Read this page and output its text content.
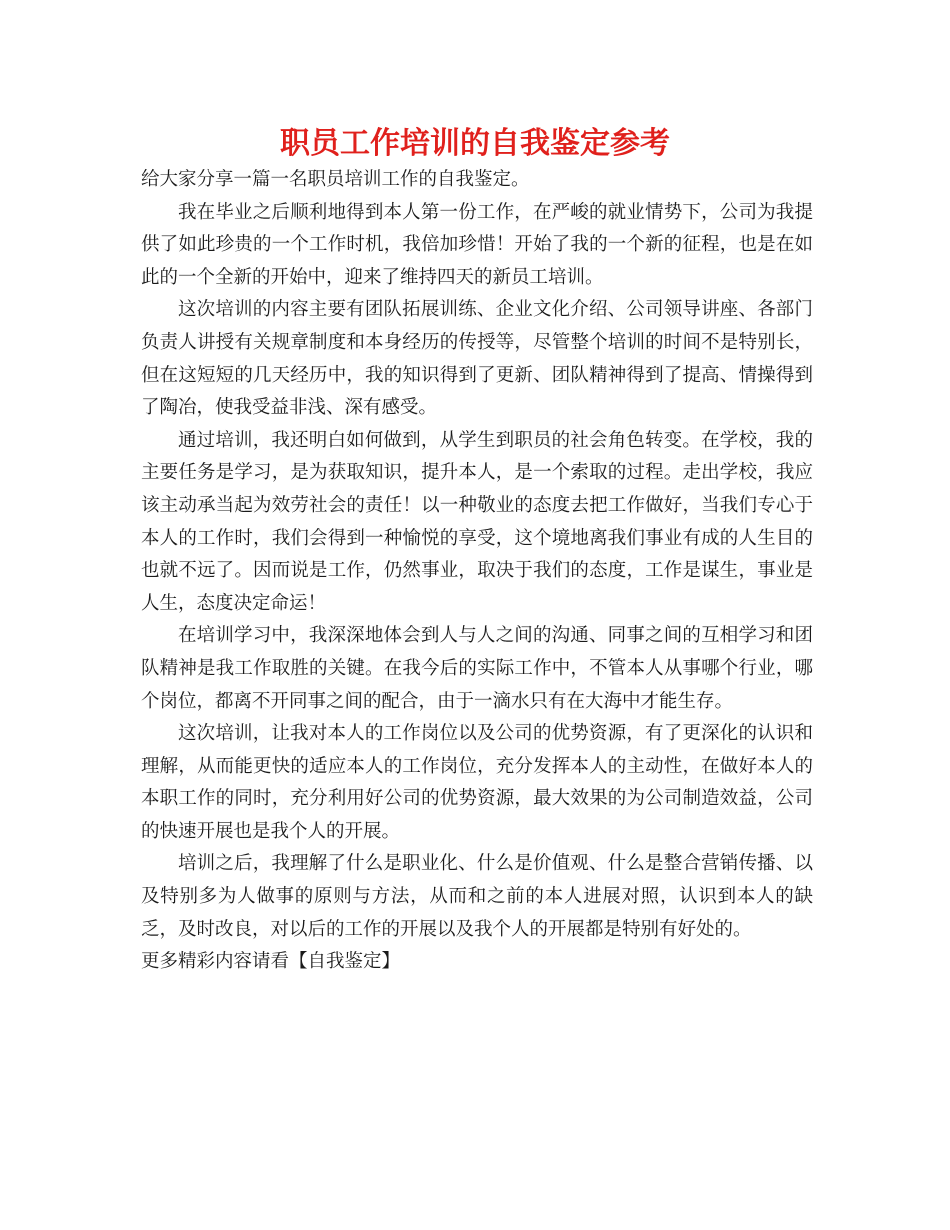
职员工作培训的自我鉴定参考

给大家分享一篇一名职员培训工作的自我鉴定。

我在毕业之后顺利地得到本人第一份工作，在严峻的就业情势下，公司为我提供了如此珍贵的一个工作时机，我倍加珍惜！开始了我的一个新的征程，也是在如此的一个全新的开始中，迎来了维持四天的新员工培训。

这次培训的内容主要有团队拓展训练、企业文化介绍、公司领导讲座、各部门负责人讲授有关规章制度和本身经历的传授等，尽管整个培训的时间不是特别长，但在这短短的几天经历中，我的知识得到了更新、团队精神得到了提高、情操得到了陶冶，使我受益非浅、深有感受。

通过培训，我还明白如何做到，从学生到职员的社会角色转变。在学校，我的主要任务是学习，是为获取知识，提升本人，是一个索取的过程。走出学校，我应该主动承当起为效劳社会的责任！以一种敬业的态度去把工作做好，当我们专心于本人的工作时，我们会得到一种愉悦的享受，这个境地离我们事业有成的人生目的也就不远了。因而说是工作，仍然事业，取决于我们的态度，工作是谋生，事业是人生，态度决定命运！

在培训学习中，我深深地体会到人与人之间的沟通、同事之间的互相学习和团队精神是我工作取胜的关键。在我今后的实际工作中，不管本人从事哪个行业，哪个岗位，都离不开同事之间的配合，由于一滴水只有在大海中才能生存。

这次培训，让我对本人的工作岗位以及公司的优势资源，有了更深化的认识和理解，从而能更快的适应本人的工作岗位，充分发挥本人的主动性，在做好本人的本职工作的同时，充分利用好公司的优势资源，最大效果的为公司制造效益，公司的快速开展也是我个人的开展。

培训之后，我理解了什么是职业化、什么是价值观、什么是整合营销传播、以及特别多为人做事的原则与方法，从而和之前的本人进展对照，认识到本人的缺乏，及时改良，对以后的工作的开展以及我个人的开展都是特别有好处的。

更多精彩内容请看【自我鉴定】
